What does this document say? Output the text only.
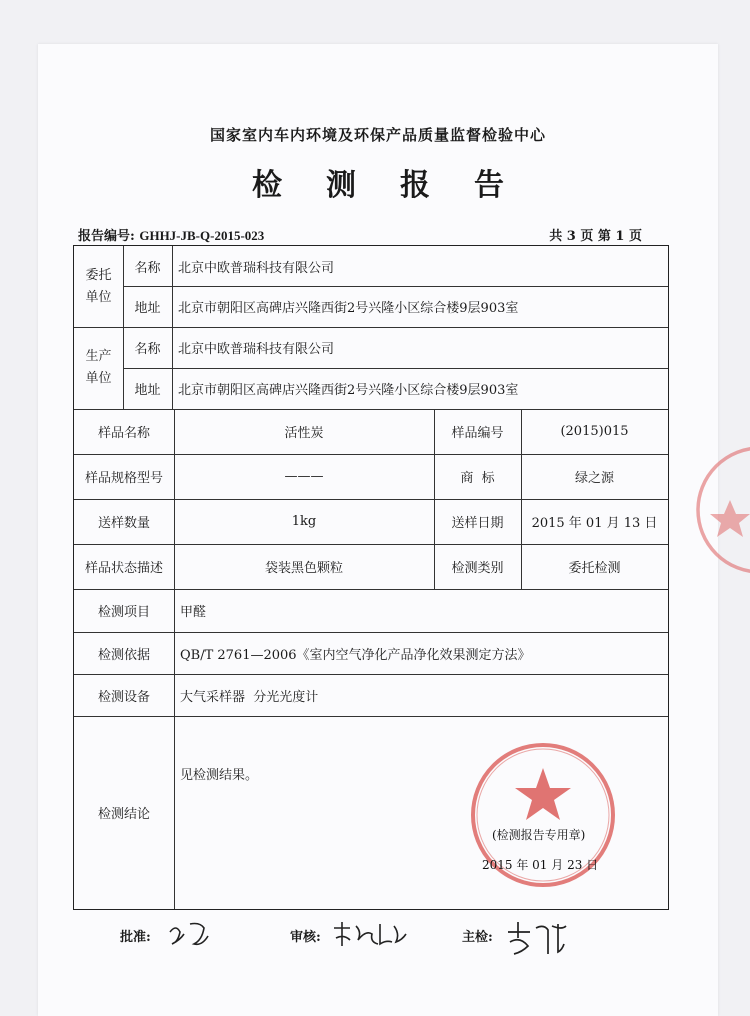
国家室内车内环境及环保产品质量监督检验中心
检测报告
报告编号: GHHJ-JB-Q-2015-023	共 3 页 第 1 页
委托单位
名称	北京中欧普瑞科技有限公司
地址	北京市朝阳区高碑店兴隆西街2号兴隆小区综合楼9层903室
生产单位
名称	北京中欧普瑞科技有限公司
地址	北京市朝阳区高碑店兴隆西街2号兴隆小区综合楼9层903室
样品名称	活性炭	样品编号	(2015)015
样品规格型号	———	商  标	绿之源
送样数量	1kg	送样日期	2015 年 01 月 13 日
样品状态描述	袋装黑色颗粒	检测类别	委托检测
检测项目	甲醛
检测依据	QB/T 2761—2006《室内空气净化产品净化效果测定方法》
检测设备	大气采样器  分光光度计
检测结论
见检测结果。
(检测报告专用章)
2015 年 01 月 23 日
批准:	审核:	主检:
